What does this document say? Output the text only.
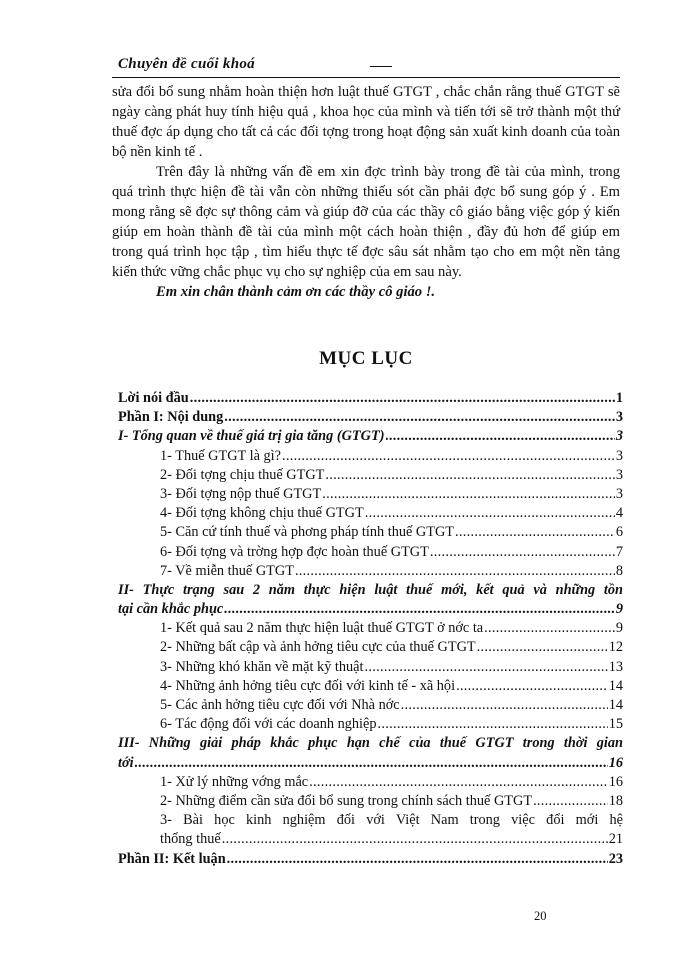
Chuyên đề cuối khoá

sửa đổi bổ sung nhằm hoàn thiện hơn luật thuế GTGT , chắc chắn rằng thuế GTGT sẽ ngày càng phát huy tính hiệu quả , khoa học của mình và tiến tới sẽ trở thành một thứ thuế đợc áp dụng cho tất cả các đối tợng trong hoạt động sản xuất kinh doanh của toàn bộ nền kinh tế .

Trên đây là những vấn đề em xin đợc trình bày trong đề tài của mình, trong quá trình thực hiện đề tài vẫn còn những thiếu sót cần phải đợc bổ sung góp ý . Em mong rằng sẽ đợc sự thông cảm và giúp đỡ của các thầy cô giáo bằng việc góp ý kiến giúp em hoàn thành đề tài của mình một cách hoàn thiện , đầy đủ hơn để giúp em trong quá trình học tập , tìm hiểu thực tế đợc sâu sát nhằm tạo cho em một nền tảng kiến thức vững chắc phục vụ cho sự nghiệp của em sau này.

Em xin chân thành cảm ơn các thầy cô giáo !.

MỤC LỤC
Lời nói đầu .....	1
Phần I: Nội dung .....	3
I- Tổng quan về thuế giá trị gia tăng (GTGT) .....	3
1- Thuế GTGT là gì? .....	3
2- Đối tợng chịu thuế GTGT .....	3
3- Đối tợng nộp thuế GTGT .....	3
4- Đối tợng không chịu thuế GTGT .....	4
5- Căn cứ tính thuế và phơng pháp tính thuế GTGT .....	6
6- Đối tợng và trờng hợp đợc hoàn thuế GTGT .....	7
7- Về miễn thuế GTGT .....	8
II- Thực trạng sau 2 năm thực hiện luật thuế mới, kết quả và những tồn
tại cần khắc phục .....	9
1- Kết quả sau 2 năm thực hiện luật thuế GTGT ở nớc ta .....	9
2- Những bất cập và ảnh hởng tiêu cực của thuế GTGT .....	12
3- Những khó khăn về mặt kỹ thuật .....	13
4- Những ảnh hởng tiêu cực đối với kinh tế - xã hội .....	14
5- Các ảnh hởng tiêu cực đối với Nhà nớc .....	14
6- Tác động đối với các doanh nghiệp .....	15
III- Những giải pháp khắc phục hạn chế của thuế GTGT trong thời gian
tới .....	16
1- Xử lý những vớng mắc .....	16
2- Những điểm cần sửa đổi bổ sung trong chính sách thuế GTGT .....	18
3- Bài học kinh nghiệm đối với Việt Nam trong việc đổi mới hệ
thống thuế .....	21
Phần II: Kết luận .....	23
20
